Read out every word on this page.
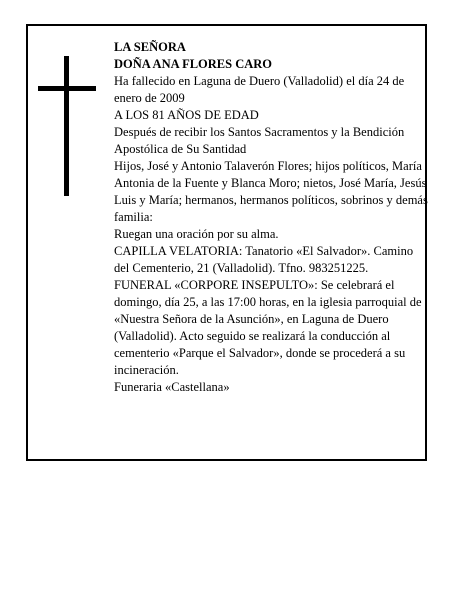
LA SEÑORA

DOÑA ANA FLORES CARO

Ha fallecido en Laguna de Duero (Valladolid) el día 24 de enero de 2009

A LOS 81 AÑOS DE EDAD

Después de recibir los Santos Sacramentos y la Bendición Apostólica de Su Santidad

Hijos, José y Antonio Talaverón Flores; hijos políticos, María Antonia de la Fuente y Blanca Moro; nietos, José María, Jesús Luis y María; hermanos, hermanos políticos, sobrinos y demás familia:

Ruegan una oración por su alma.

CAPILLA VELATORIA: Tanatorio «El Salvador». Camino del Cementerio, 21 (Valladolid). Tfno. 983251225.

FUNERAL «CORPORE INSEPULTO»: Se celebrará el domingo, día 25, a las 17:00 horas, en la iglesia parroquial de «Nuestra Señora de la Asunción», en Laguna de Duero (Valladolid). Acto seguido se realizará la conducción al cementerio «Parque el Salvador», donde se procederá a su incineración.

Funeraria «Castellana»
